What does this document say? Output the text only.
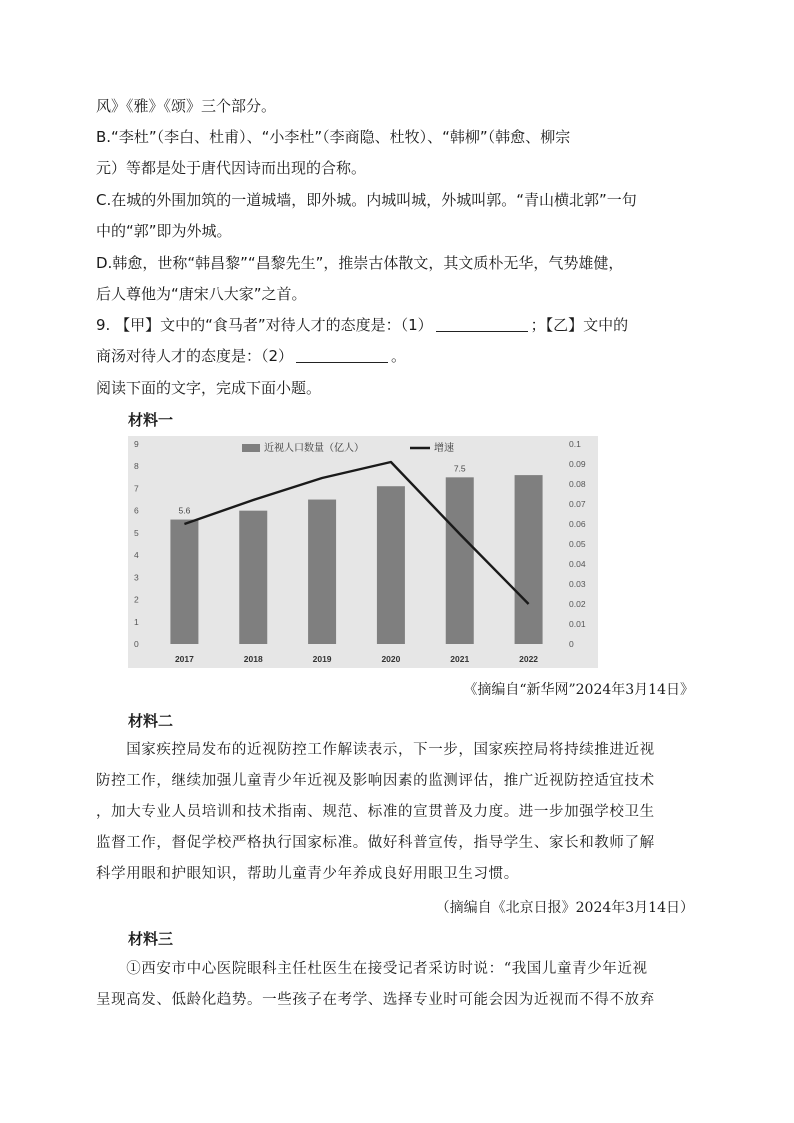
风》《雅》《颂》三个部分。
B.“李杜”（李白、杜甫）、“小李杜”（李商隐、杜牧）、“韩柳”（韩愈、柳宗
元）等都是处于唐代因诗而出现的合称。
C.在城的外围加筑的一道城墙，即外城。内城叫城，外城叫郭。“青山横北郭”一句
中的“郭”即为外城。
D.韩愈，世称“韩昌黎”“昌黎先生”，推崇古体散文，其文质朴无华，气势雄健，
后人尊他为“唐宋八大家”之首。
9. 【甲】文中的“食马者”对待人才的态度是：（1）	；【乙】文中的
商汤对待人才的态度是：（2）	。
阅读下面的文字，完成下面小题。
材料一
近视人口数量（亿人）	增速
0
1
2
3
4
5
6
7
8
9
0
0.01
0.02
0.03
0.04
0.05
0.06
0.07
0.08
0.09
0.1
2017	2018	2019	2020	2021	2022
5.6
7.5
《摘编自“新华网”2024年3月14日》
材料二
　　国家疾控局发布的近视防控工作解读表示，下一步，国家疾控局将持续推进近视
防控工作，继续加强儿童青少年近视及影响因素的监测评估，推广近视防控适宜技术
，加大专业人员培训和技术指南、规范、标准的宣贯普及力度。进一步加强学校卫生
监督工作，督促学校严格执行国家标准。做好科普宣传，指导学生、家长和教师了解
科学用眼和护眼知识，帮助儿童青少年养成良好用眼卫生习惯。
（摘编自《北京日报》2024年3月14日）
材料三
　　①西安市中心医院眼科主任杜医生在接受记者采访时说：“我国儿童青少年近视
呈现高发、低龄化趋势。一些孩子在考学、选择专业时可能会因为近视而不得不放弃
